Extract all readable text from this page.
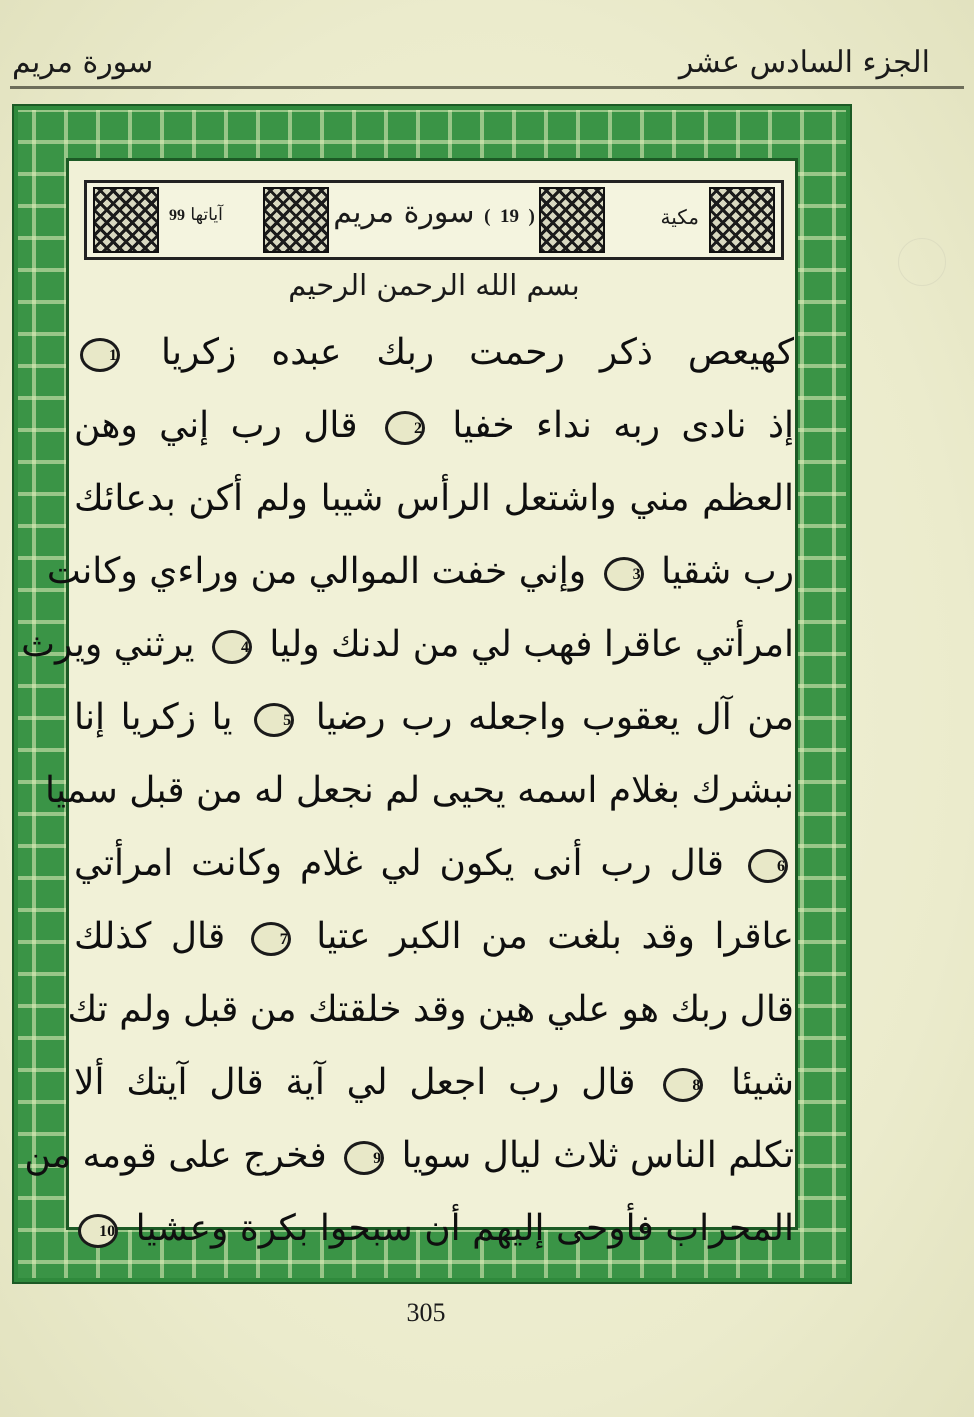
الجزء السادس عشر
سورة مريم
مكية
آياتها 99	( 19 ) سورة مريم
بسم الله الرحمن الرحيم
كهيعص ذكر رحمت ربك عبده زكريا 1
إذ نادى ربه نداء خفيا 2 قال رب إني وهن
العظم مني واشتعل الرأس شيبا ولم أكن بدعائك
رب شقيا 3 وإني خفت الموالي من وراءي وكانت
امرأتي عاقرا فهب لي من لدنك وليا 4 يرثني ويرث
من آل يعقوب واجعله رب رضيا 5 يا زكريا إنا
نبشرك بغلام اسمه يحيى لم نجعل له من قبل سميا
6 قال رب أنى يكون لي غلام وكانت امرأتي
عاقرا وقد بلغت من الكبر عتيا 7 قال كذلك
قال ربك هو علي هين وقد خلقتك من قبل ولم تك
شيئا 8 قال رب اجعل لي آية قال آيتك ألا
تكلم الناس ثلاث ليال سويا 9 فخرج على قومه من
المحراب فأوحى إليهم أن سبحوا بكرة وعشيا 10
305
